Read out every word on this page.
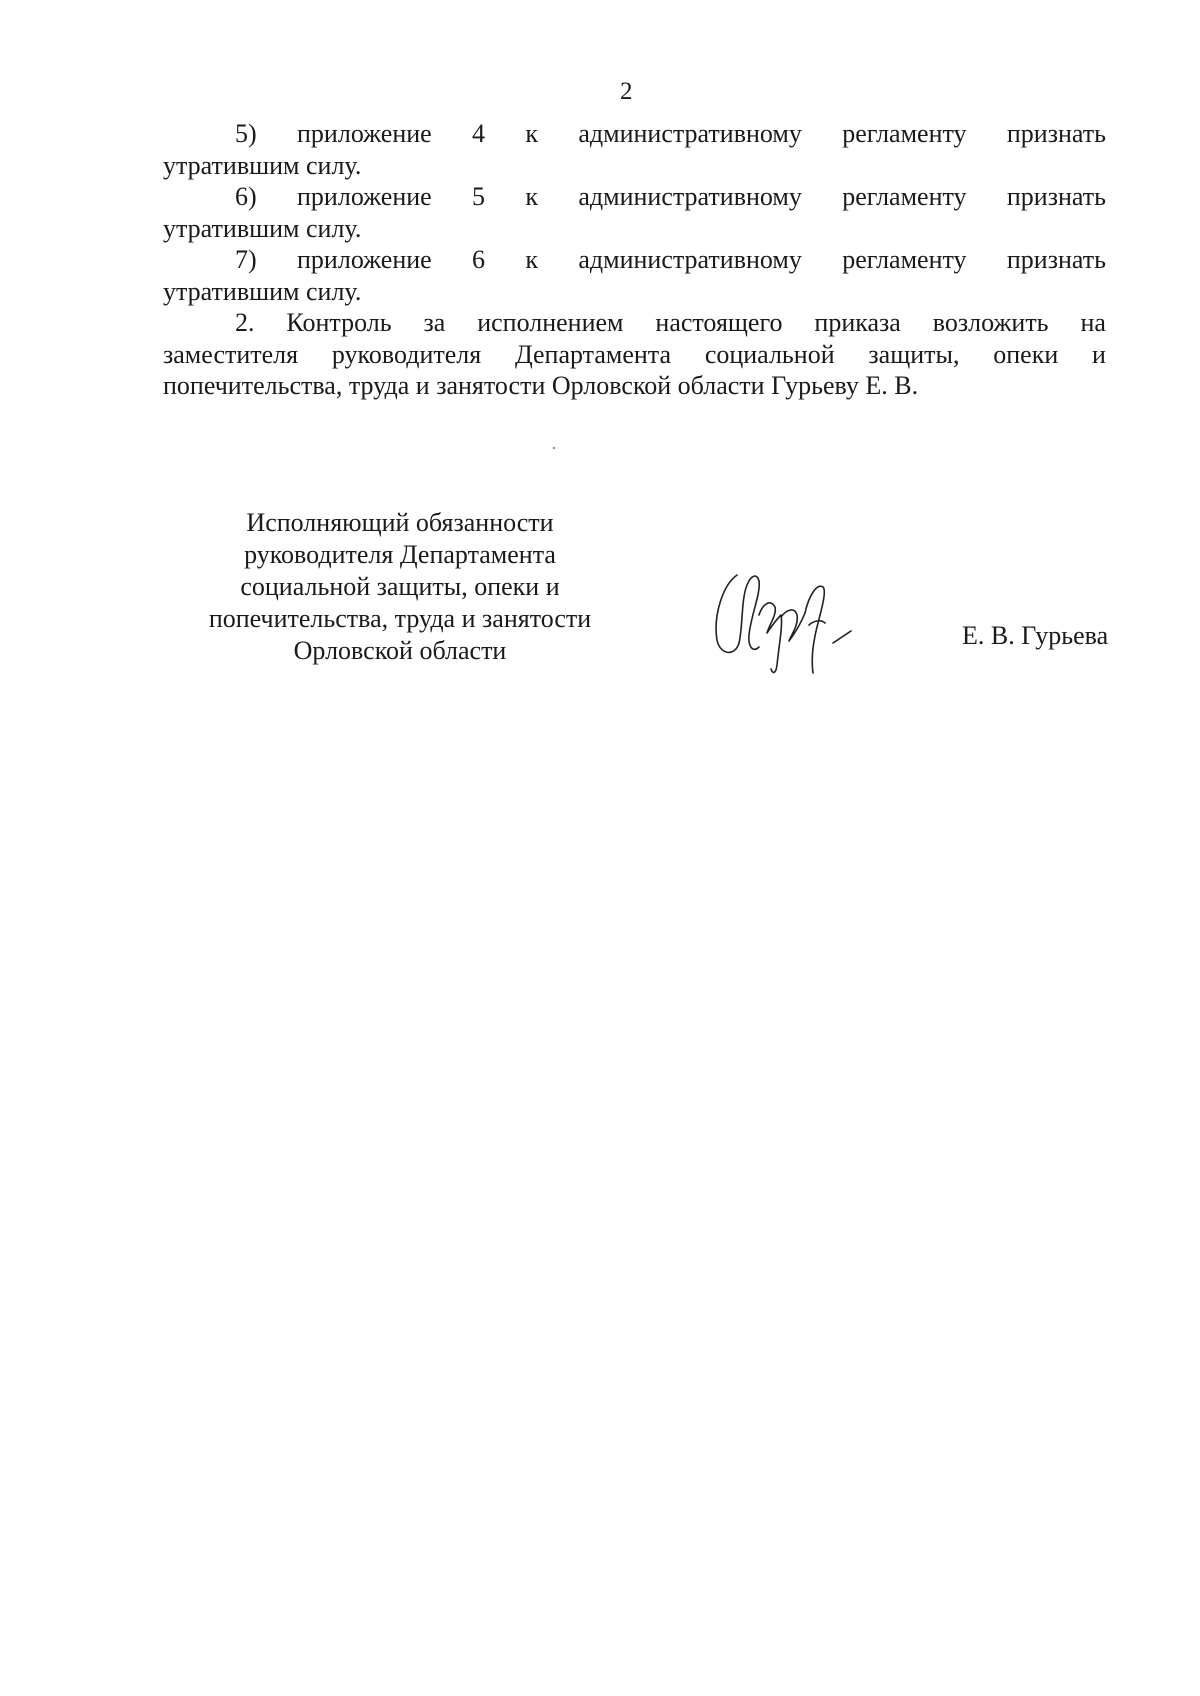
2
5) приложение 4 к административному регламенту признать
утратившим силу.
6) приложение 5 к административному регламенту признать
утратившим силу.
7) приложение 6 к административному регламенту признать
утратившим силу.
2. Контроль за исполнением настоящего приказа возложить на
заместителя руководителя Департамента социальной защиты, опеки и
попечительства, труда и занятости Орловской области Гурьеву Е. В.
Исполняющий обязанности
руководителя Департамента
социальной защиты, опеки и
попечительства, труда и занятости
Орловской области
Е. В. Гурьева
